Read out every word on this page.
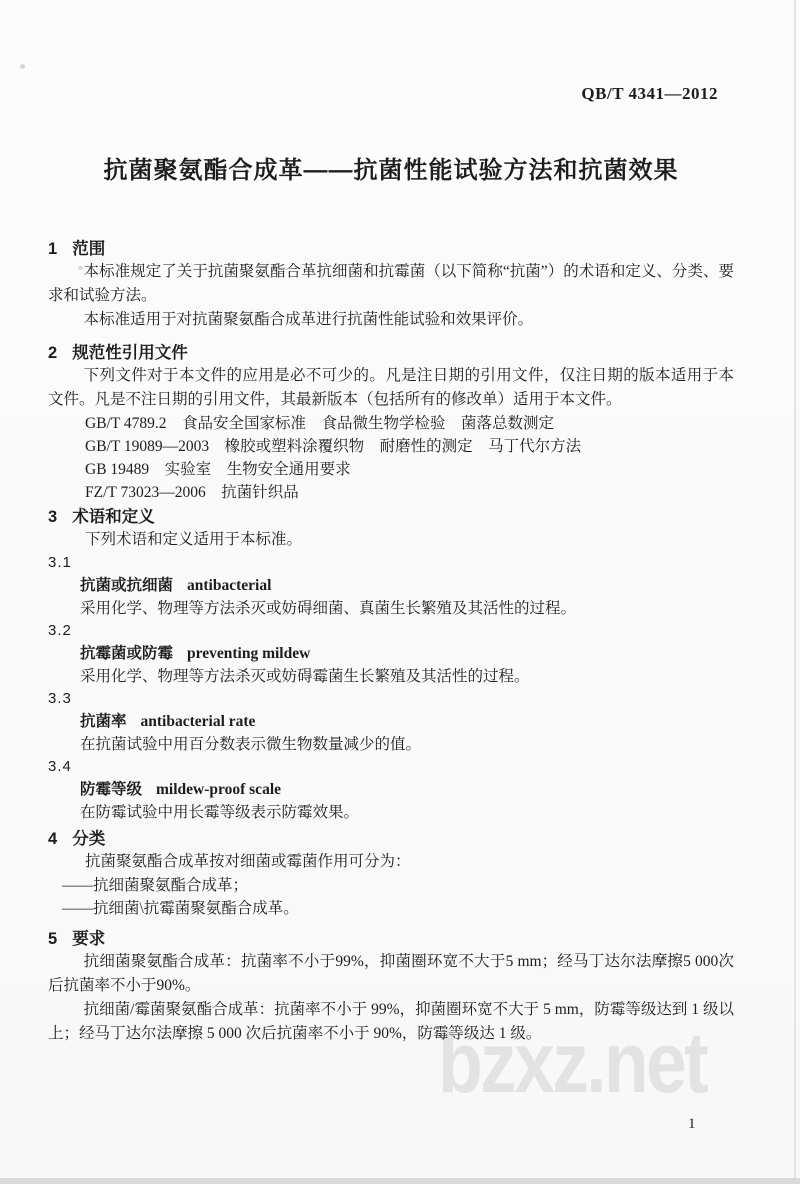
bzxz.net
QB/T 4341—2012
抗菌聚氨酯合成革——抗菌性能试验方法和抗菌效果
1 范围

本标准规定了关于抗菌聚氨酯合革抗细菌和抗霉菌（以下简称“抗菌”）的术语和定义、分类、要求和试验方法。

本标准适用于对抗菌聚氨酯合成革进行抗菌性能试验和效果评价。

2 规范性引用文件

下列文件对于本文件的应用是必不可少的。凡是注日期的引用文件，仅注日期的版本适用于本文件。凡是不注日期的引用文件，其最新版本（包括所有的修改单）适用于本文件。

GB/T 4789.2　食品安全国家标准　食品微生物学检验　菌落总数测定
GB/T 19089—2003　橡胶或塑料涂覆织物　耐磨性的测定　马丁代尔方法
GB 19489　实验室　生物安全通用要求
FZ/T 73023—2006　抗菌针织品
3 术语和定义

下列术语和定义适用于本标准。

3.1
抗菌或抗细菌 antibacterial
采用化学、物理等方法杀灭或妨碍细菌、真菌生长繁殖及其活性的过程。
3.2
抗霉菌或防霉 preventing mildew
采用化学、物理等方法杀灭或妨碍霉菌生长繁殖及其活性的过程。
3.3
抗菌率 antibacterial rate
在抗菌试验中用百分数表示微生物数量减少的值。
3.4
防霉等级 mildew-proof scale
在防霉试验中用长霉等级表示防霉效果。
4 分类

抗菌聚氨酯合成革按对细菌或霉菌作用可分为：

——抗细菌聚氨酯合成革；
——抗细菌\抗霉菌聚氨酯合成革。
5 要求

抗细菌聚氨酯合成革：抗菌率不小于99%，抑菌圈环宽不大于5 mm；经马丁达尔法摩擦5 000次后抗菌率不小于90%。

抗细菌/霉菌聚氨酯合成革：抗菌率不小于 99%，抑菌圈环宽不大于 5 mm，防霉等级达到 1 级以上；经马丁达尔法摩擦 5 000 次后抗菌率不小于 90%，防霉等级达 1 级。

1
